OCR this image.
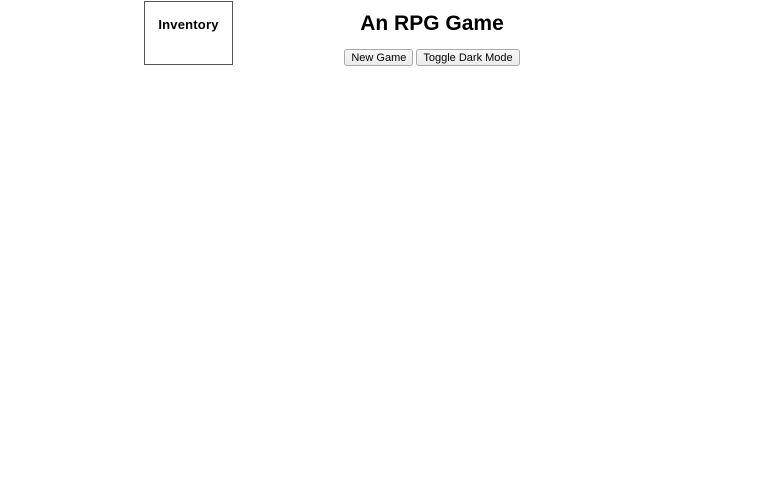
Inventory	An RPG Game
New Game	Toggle Dark Mode
